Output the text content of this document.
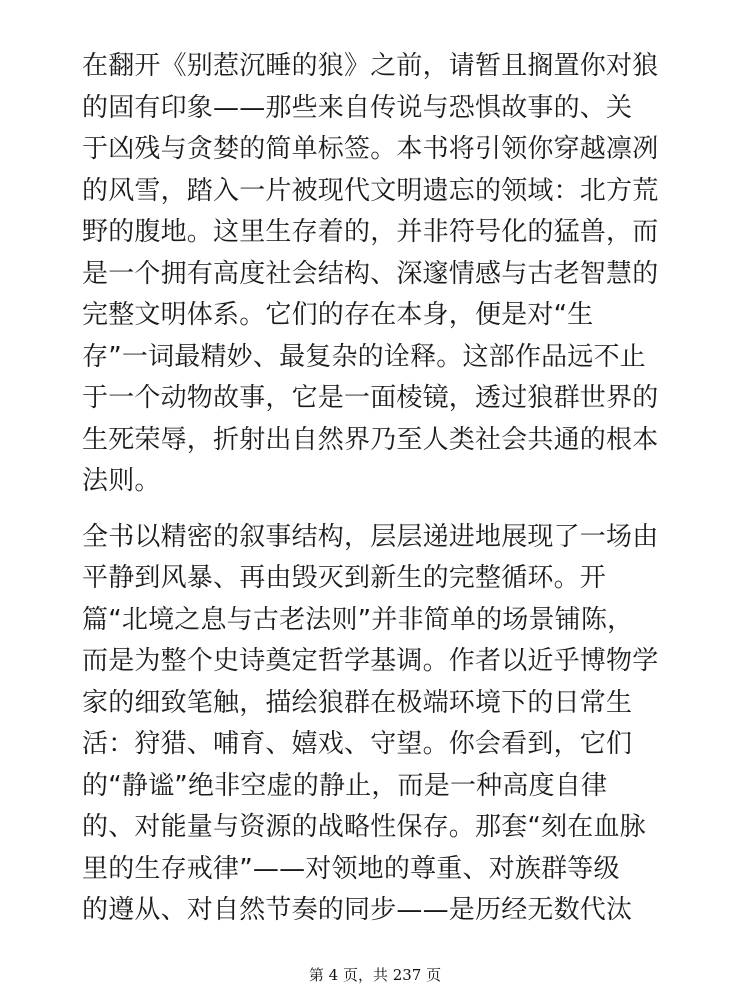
在翻开《别惹沉睡的狼》之前，请暂且搁置你对狼
的固有印象——那些来自传说与恐惧故事的、关
于凶残与贪婪的简单标签。本书将引领你穿越凛冽
的风雪，踏入一片被现代文明遗忘的领域：北方荒
野的腹地。这里生存着的，并非符号化的猛兽，而
是一个拥有高度社会结构、深邃情感与古老智慧的
完整文明体系。它们的存在本身，便是对“生
存”一词最精妙、最复杂的诠释。这部作品远不止
于一个动物故事，它是一面棱镜，透过狼群世界的
生死荣辱，折射出自然界乃至人类社会共通的根本
法则。

全书以精密的叙事结构，层层递进地展现了一场由
平静到风暴、再由毁灭到新生的完整循环。开
篇“北境之息与古老法则”并非简单的场景铺陈，
而是为整个史诗奠定哲学基调。作者以近乎博物学
家的细致笔触，描绘狼群在极端环境下的日常生
活：狩猎、哺育、嬉戏、守望。你会看到，它们
的“静谧”绝非空虚的静止，而是一种高度自律
的、对能量与资源的战略性保存。那套“刻在血脉
里的生存戒律”——对领地的尊重、对族群等级
的遵从、对自然节奏的同步——是历经无数代汰

第 4 页，共 237 页
